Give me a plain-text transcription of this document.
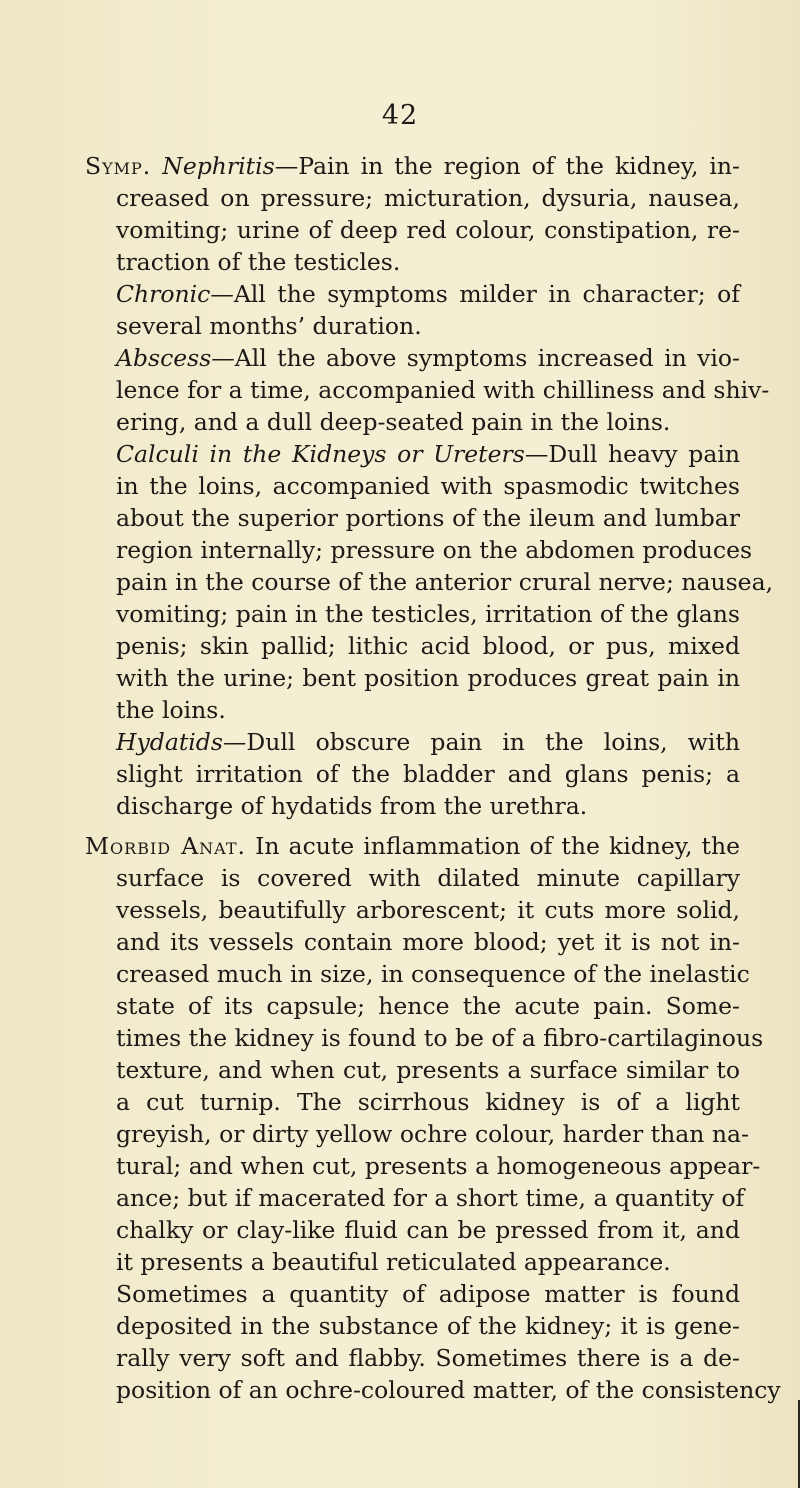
42
Symp. Nephritis—Pain in the region of the kidney, in-
creased on pressure; micturation, dysuria, nausea,
vomiting; urine of deep red colour, constipation, re-
traction of the testicles.
Chronic—All the symptoms milder in character; of
several months’ duration.
Abscess—All the above symptoms increased in vio-
lence for a time, accompanied with chilliness and shiv-
ering, and a dull deep-seated pain in the loins.
Calculi in the Kidneys or Ureters—Dull heavy pain
in the loins, accompanied with spasmodic twitches
about the superior portions of the ileum and lumbar
region internally; pressure on the abdomen produces
pain in the course of the anterior crural nerve; nausea,
vomiting; pain in the testicles, irritation of the glans
penis; skin pallid; lithic acid blood, or pus, mixed
with the urine; bent position produces great pain in
the loins.
Hydatids—Dull obscure pain in the loins, with
slight irritation of the bladder and glans penis; a
discharge of hydatids from the urethra.
Morbid Anat. In acute inflammation of the kidney, the
surface is covered with dilated minute capillary
vessels, beautifully arborescent; it cuts more solid,
and its vessels contain more blood; yet it is not in-
creased much in size, in consequence of the inelastic
state of its capsule; hence the acute pain. Some-
times the kidney is found to be of a fibro-cartilaginous
texture, and when cut, presents a surface similar to
a cut turnip. The scirrhous kidney is of a light
greyish, or dirty yellow ochre colour, harder than na-
tural; and when cut, presents a homogeneous appear-
ance; but if macerated for a short time, a quantity of
chalky or clay-like fluid can be pressed from it, and
it presents a beautiful reticulated appearance.
Sometimes a quantity of adipose matter is found
deposited in the substance of the kidney; it is gene-
rally very soft and flabby. Sometimes there is a de-
position of an ochre-coloured matter, of the consistency
